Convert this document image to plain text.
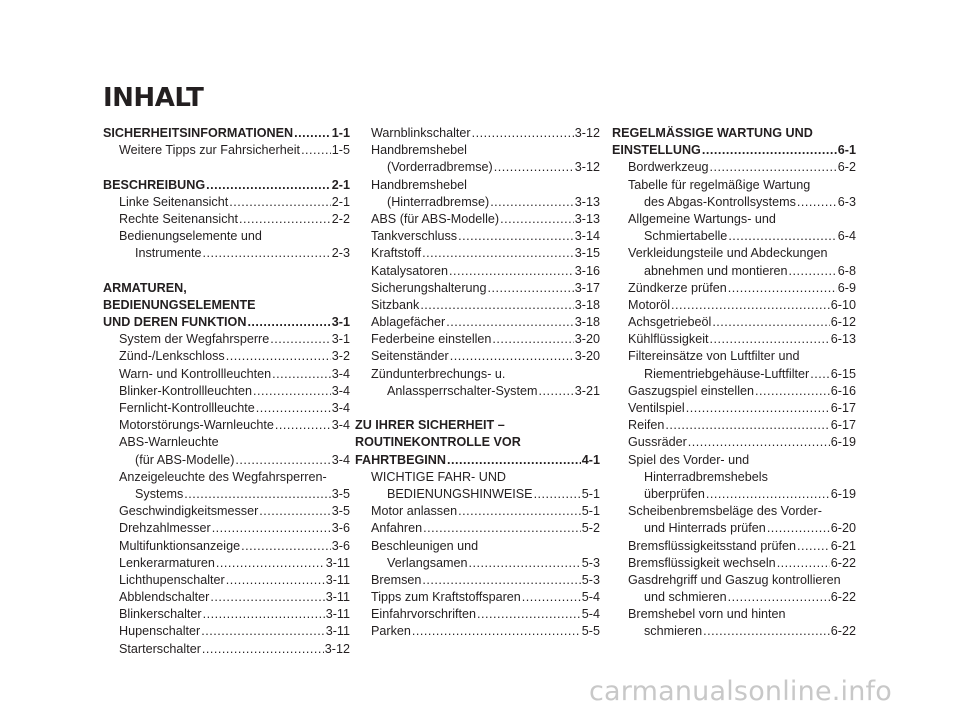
INHALT
SICHERHEITSINFORMATIONEN .....	1-1
Weitere Tipps zur Fahrsicherheit .....	1-5
BESCHREIBUNG .....	2-1
Linke Seitenansicht .....	2-1
Rechte Seitenansicht .....	2-2
Bedienungselemente und
Instrumente .....	2-3
ARMATUREN,
BEDIENUNGSELEMENTE
UND DEREN FUNKTION .....	3-1
System der Wegfahrsperre .....	3-1
Zünd-/Lenkschloss .....	3-2
Warn- und Kontrollleuchten .....	3-4
Blinker-Kontrollleuchten .....	3-4
Fernlicht-Kontrollleuchte .....	3-4
Motorstörungs-Warnleuchte .....	3-4
ABS-Warnleuchte
(für ABS-Modelle) .....	3-4
Anzeigeleuchte des Wegfahrsperren-
Systems .....	3-5
Geschwindigkeitsmesser .....	3-5
Drehzahlmesser .....	3-6
Multifunktionsanzeige .....	3-6
Lenkerarmaturen .....	3-11
Lichthupenschalter .....	3-11
Abblendschalter .....	3-11
Blinkerschalter .....	3-11
Hupenschalter .....	3-11
Starterschalter .....	3-12
Warnblinkschalter .....	3-12
Handbremshebel
(Vorderradbremse) .....	3-12
Handbremshebel
(Hinterradbremse) .....	3-13
ABS (für ABS-Modelle) .....	3-13
Tankverschluss .....	3-14
Kraftstoff .....	3-15
Katalysatoren .....	3-16
Sicherungshalterung .....	3-17
Sitzbank .....	3-18
Ablagefächer .....	3-18
Federbeine einstellen .....	3-20
Seitenständer .....	3-20
Zündunterbrechungs- u.
Anlassperrschalter-System .....	3-21
ZU IHRER SICHERHEIT –
ROUTINEKONTROLLE VOR
FAHRTBEGINN .....	4-1
WICHTIGE FAHR- UND
BEDIENUNGSHINWEISE .....	5-1
Motor anlassen .....	5-1
Anfahren .....	5-2
Beschleunigen und
Verlangsamen .....	5-3
Bremsen .....	5-3
Tipps zum Kraftstoffsparen .....	5-4
Einfahrvorschriften .....	5-4
Parken .....	5-5
REGELMÄSSIGE WARTUNG UND
EINSTELLUNG .....	6-1
Bordwerkzeug .....	6-2
Tabelle für regelmäßige Wartung
des Abgas-Kontrollsystems .....	6-3
Allgemeine Wartungs- und
Schmiertabelle .....	6-4
Verkleidungsteile und Abdeckungen
abnehmen und montieren .....	6-8
Zündkerze prüfen .....	6-9
Motoröl .....	6-10
Achsgetriebeöl .....	6-12
Kühlflüssigkeit .....	6-13
Filtereinsätze von Luftfilter und
Riementriebgehäuse-Luftfilter ..... 6-15
Gaszugspiel einstellen .....	6-16
Ventilspiel .....	6-17
Reifen .....	6-17
Gussräder .....	6-19
Spiel des Vorder- und
Hinterradbremshebels
überprüfen .....	6-19
Scheibenbremsbeläge des Vorder-
und Hinterrads prüfen .....	6-20
Bremsflüssigkeitsstand prüfen .....	6-21
Bremsflüssigkeit wechseln .....	6-22
Gasdrehgriff und Gaszug kontrollieren
und schmieren .....	6-22
Bremshebel vorn und hinten
schmieren .....	6-22
carmanualsonline.info
